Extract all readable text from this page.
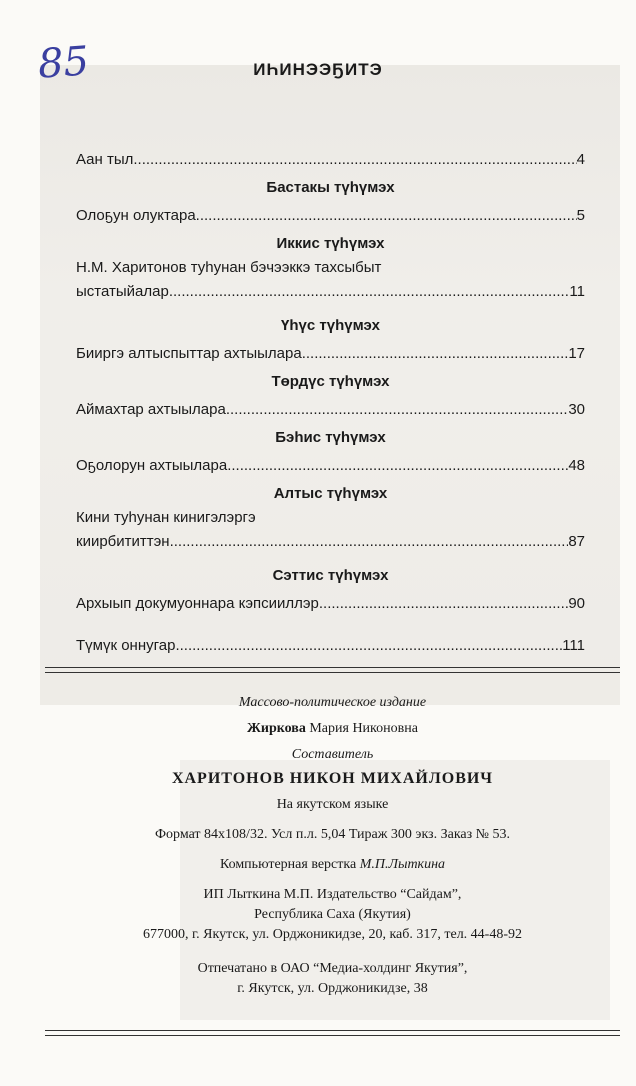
85	ИҺИНЭЭҔИТЭ
Аан тыл .....	4
Бастакы түһүмэх
Олоҕун олуктара .....	5
Иккис түһүмэх
Н.М. Харитонов туһунан бэчээккэ тахсыбыт
ыстатыйалар .....	11
Үһүс түһүмэх
Бииргэ алтыспыттар ахтыылара .....	17
Төрдүс түһүмэх
Аймахтар ахтыылара .....	30
Бэһис түһүмэх
Оҕолорун ахтыылара .....	48
Алтыс түһүмэх
Кини туһунан кинигэлэргэ
киирбититтэн .....	87
Сэттис түһүмэх
Архыып докумуоннара кэпсииллэр .....	90
Түмүк оннугар .....	111
Массово-политическое издание
Жиркова Мария Никоновна
Составитель
ХАРИТОНОВ НИКОН МИХАЙЛОВИЧ
На якутском языке
Формат 84х108/32. Усл п.л. 5,04 Тираж 300 экз. Заказ № 53.
Компьютерная верстка М.П.Лыткина
ИП Лыткина М.П. Издательство “Сайдам”,
Республика Саха (Якутия)
677000, г. Якутск, ул. Орджоникидзе, 20, каб. 317, тел. 44-48-92
Отпечатано в ОАО “Медиа-холдинг Якутия”,
г. Якутск, ул. Орджоникидзе, 38
